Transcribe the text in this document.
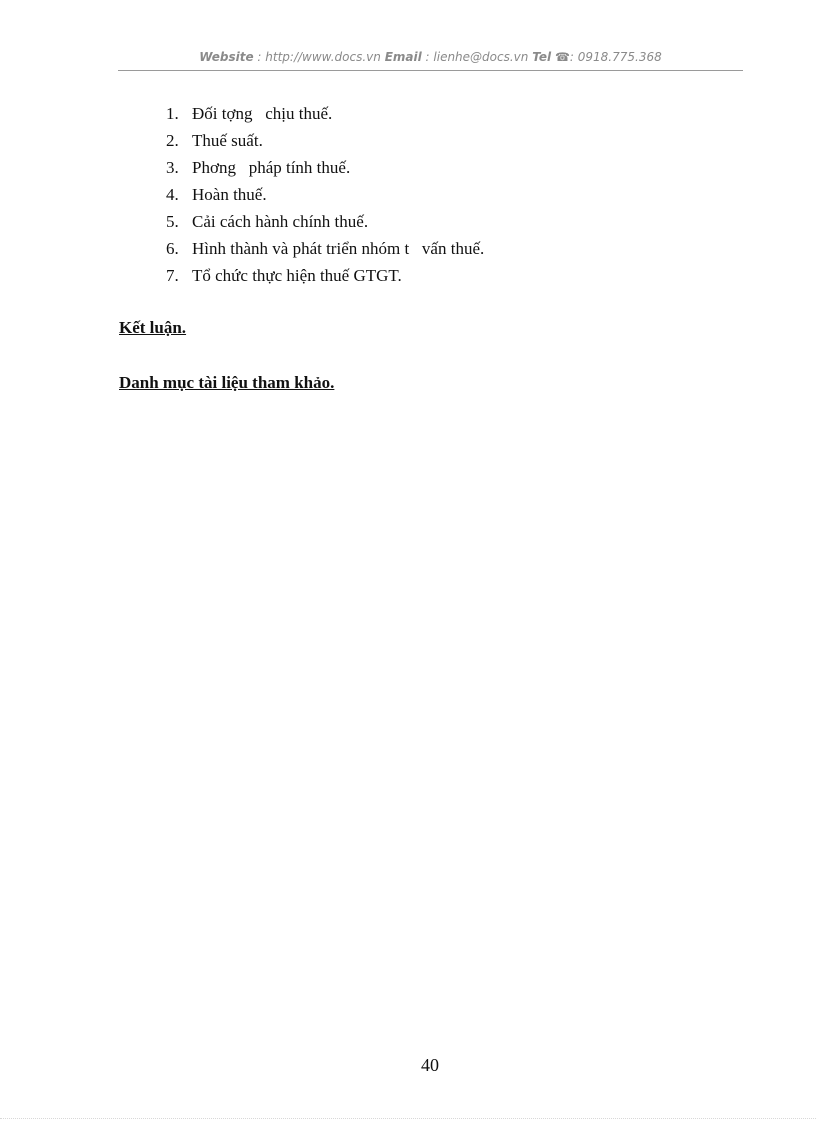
Website : http://www.docs.vn Email : lienhe@docs.vn Tel ☎: 0918.775.368
1. Đối tợng   chịu thuế.
2. Thuế suất.
3. Phơng   pháp tính thuế.
4. Hoàn thuế.
5. Cải cách hành chính thuế.
6. Hình thành và phát triển nhóm t   vấn thuế.
7. Tổ chức thực hiện thuế GTGT.
Kết luận.
Danh mục tài liệu tham khảo.
40
